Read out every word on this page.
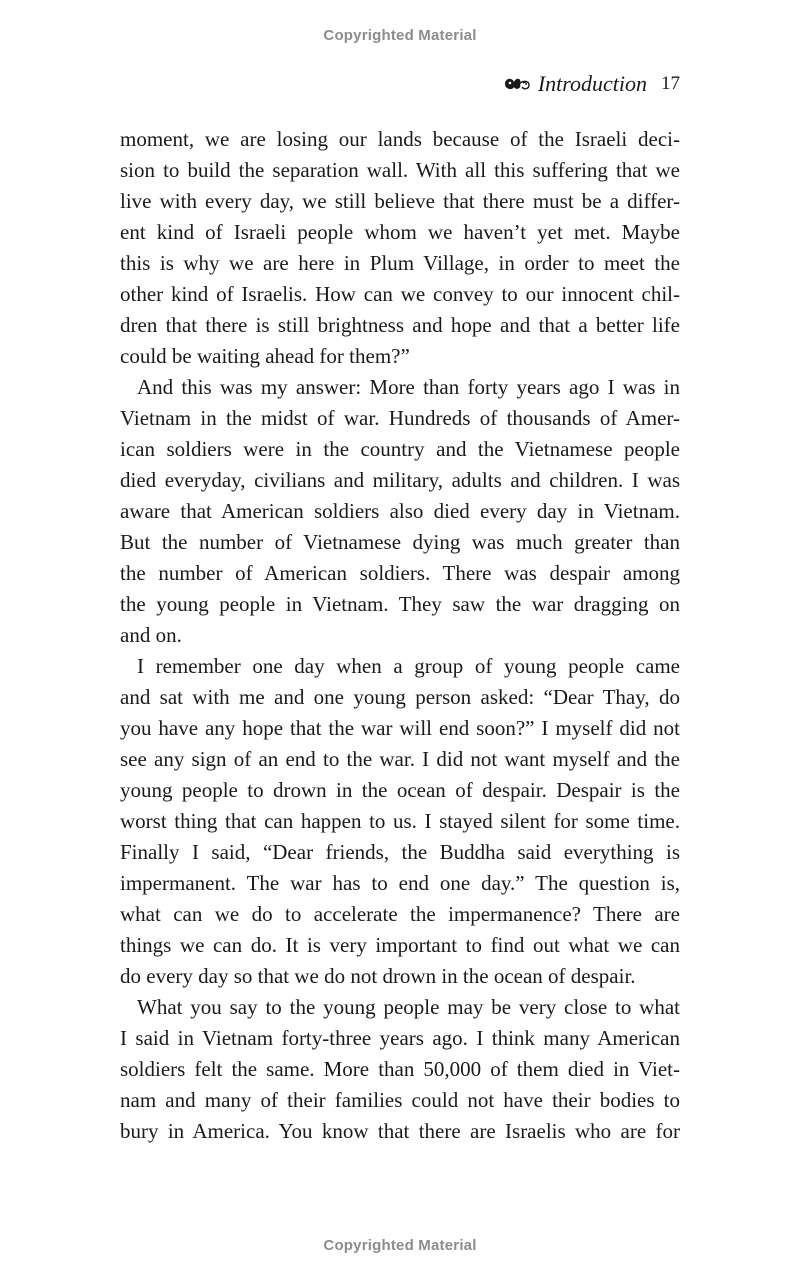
Copyrighted Material
Introduction 17
moment, we are losing our lands because of the Israeli deci-
sion to build the separation wall. With all this suffering that we
live with every day, we still believe that there must be a differ-
ent kind of Israeli people whom we haven’t yet met. Maybe
this is why we are here in Plum Village, in order to meet the
other kind of Israelis. How can we convey to our innocent chil-
dren that there is still brightness and hope and that a better life
could be waiting ahead for them?”
And this was my answer: More than forty years ago I was in
Vietnam in the midst of war. Hundreds of thousands of Amer-
ican soldiers were in the country and the Vietnamese people
died everyday, civilians and military, adults and children. I was
aware that American soldiers also died every day in Vietnam.
But the number of Vietnamese dying was much greater than
the number of American soldiers. There was despair among
the young people in Vietnam. They saw the war dragging on
and on.
I remember one day when a group of young people came
and sat with me and one young person asked: “Dear Thay, do
you have any hope that the war will end soon?” I myself did not
see any sign of an end to the war. I did not want myself and the
young people to drown in the ocean of despair. Despair is the
worst thing that can happen to us. I stayed silent for some time.
Finally I said, “Dear friends, the Buddha said everything is
impermanent. The war has to end one day.” The question is,
what can we do to accelerate the impermanence? There are
things we can do. It is very important to find out what we can
do every day so that we do not drown in the ocean of despair.
What you say to the young people may be very close to what
I said in Vietnam forty-three years ago. I think many American
soldiers felt the same. More than 50,000 of them died in Viet-
nam and many of their families could not have their bodies to
bury in America. You know that there are Israelis who are for
Copyrighted Material
